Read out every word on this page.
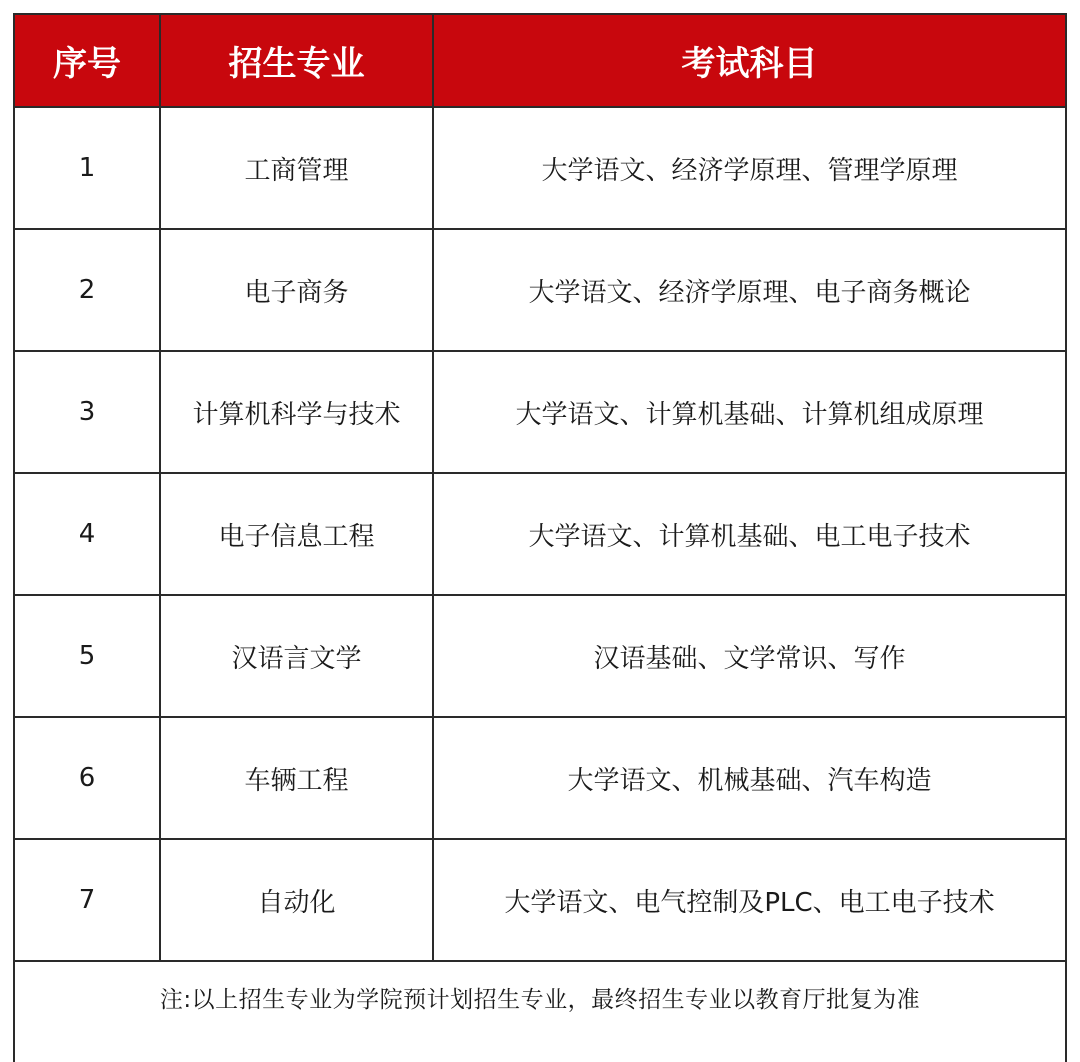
序号	招生专业	考试科目
1	工商管理	大学语文、经济学原理、管理学原理
2	电子商务	大学语文、经济学原理、电子商务概论
3	计算机科学与技术	大学语文、计算机基础、计算机组成原理
4	电子信息工程	大学语文、计算机基础、电工电子技术
5	汉语言文学	汉语基础、文学常识、写作
6	车辆工程	大学语文、机械基础、汽车构造
7	自动化	大学语文、电气控制及PLC、电工电子技术
注:以上招生专业为学院预计划招生专业，最终招生专业以教育厅批复为准
